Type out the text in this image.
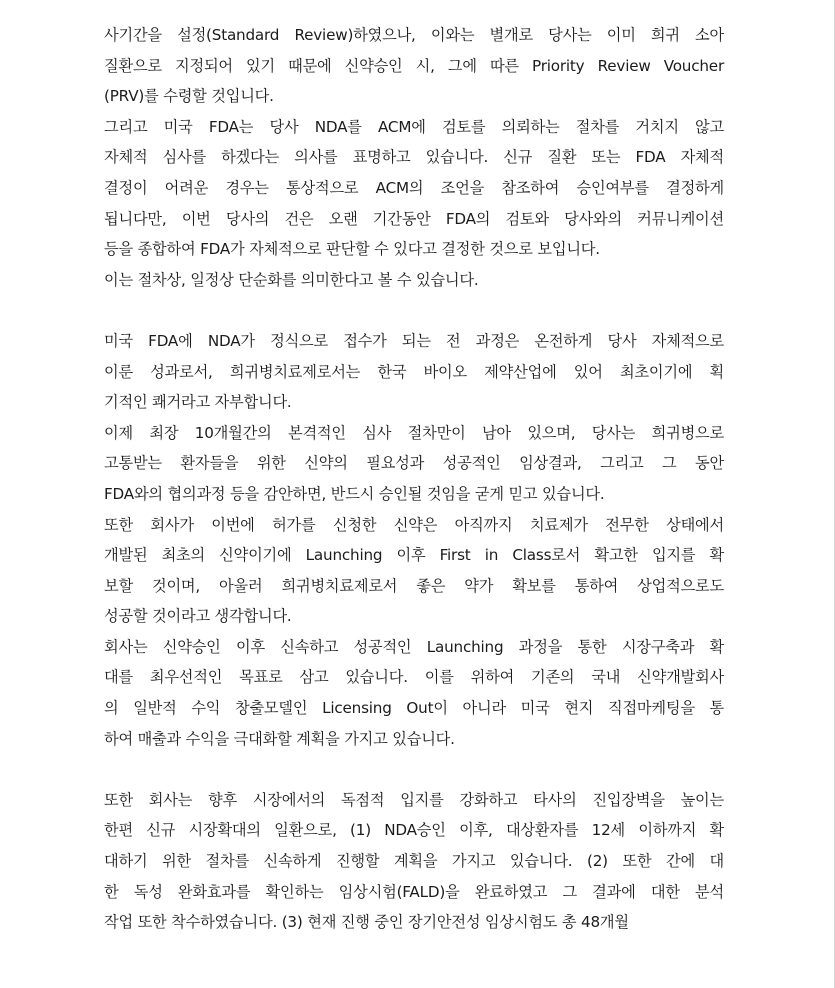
사기간을 설정(Standard Review)하였으나, 이와는 별개로 당사는 이미 희귀 소아
질환으로 지정되어 있기 때문에 신약승인 시, 그에 따른 Priority Review Voucher
(PRV)를 수령할 것입니다.
그리고 미국 FDA는 당사 NDA를 ACM에 검토를 의뢰하는 절차를 거치지 않고
자체적 심사를 하겠다는 의사를 표명하고 있습니다. 신규 질환 또는 FDA 자체적
결정이 어려운 경우는 통상적으로 ACM의 조언을 참조하여 승인여부를 결정하게
됩니다만, 이번 당사의 건은 오랜 기간동안 FDA의 검토와 당사와의 커뮤니케이션
등을 종합하여 FDA가 자체적으로 판단할 수 있다고 결정한 것으로 보입니다.
이는 절차상, 일정상 단순화를 의미한다고 볼 수 있습니다.
미국 FDA에 NDA가 정식으로 접수가 되는 전 과정은 온전하게 당사 자체적으로
이룬 성과로서, 희귀병치료제로서는 한국 바이오 제약산업에 있어 최초이기에 획
기적인 쾌거라고 자부합니다.
이제 최장 10개월간의 본격적인 심사 절차만이 남아 있으며, 당사는 희귀병으로
고통받는 환자들을 위한 신약의 필요성과 성공적인 임상결과, 그리고 그 동안
FDA와의 협의과정 등을 감안하면, 반드시 승인될 것임을 굳게 믿고 있습니다.
또한 회사가 이번에 허가를 신청한 신약은 아직까지 치료제가 전무한 상태에서
개발된 최초의 신약이기에 Launching 이후 First in Class로서 확고한 입지를 확
보할 것이며, 아울러 희귀병치료제로서 좋은 약가 확보를 통하여 상업적으로도
성공할 것이라고 생각합니다.
회사는 신약승인 이후 신속하고 성공적인 Launching 과정을 통한 시장구축과 확
대를 최우선적인 목표로 삼고 있습니다. 이를 위하여 기존의 국내 신약개발회사
의 일반적 수익 창출모델인 Licensing Out이 아니라 미국 현지 직접마케팅을 통
하여 매출과 수익을 극대화할 계획을 가지고 있습니다.
또한 회사는 향후 시장에서의 독점적 입지를 강화하고 타사의 진입장벽을 높이는
한편 신규 시장확대의 일환으로, (1) NDA승인 이후, 대상환자를 12세 이하까지 확
대하기 위한 절차를 신속하게 진행할 계획을 가지고 있습니다. (2) 또한 간에 대
한 독성 완화효과를 확인하는 임상시험(FALD)을 완료하였고 그 결과에 대한 분석
작업 또한 착수하였습니다. (3) 현재 진행 중인 장기안전성 임상시험도 총 48개월
